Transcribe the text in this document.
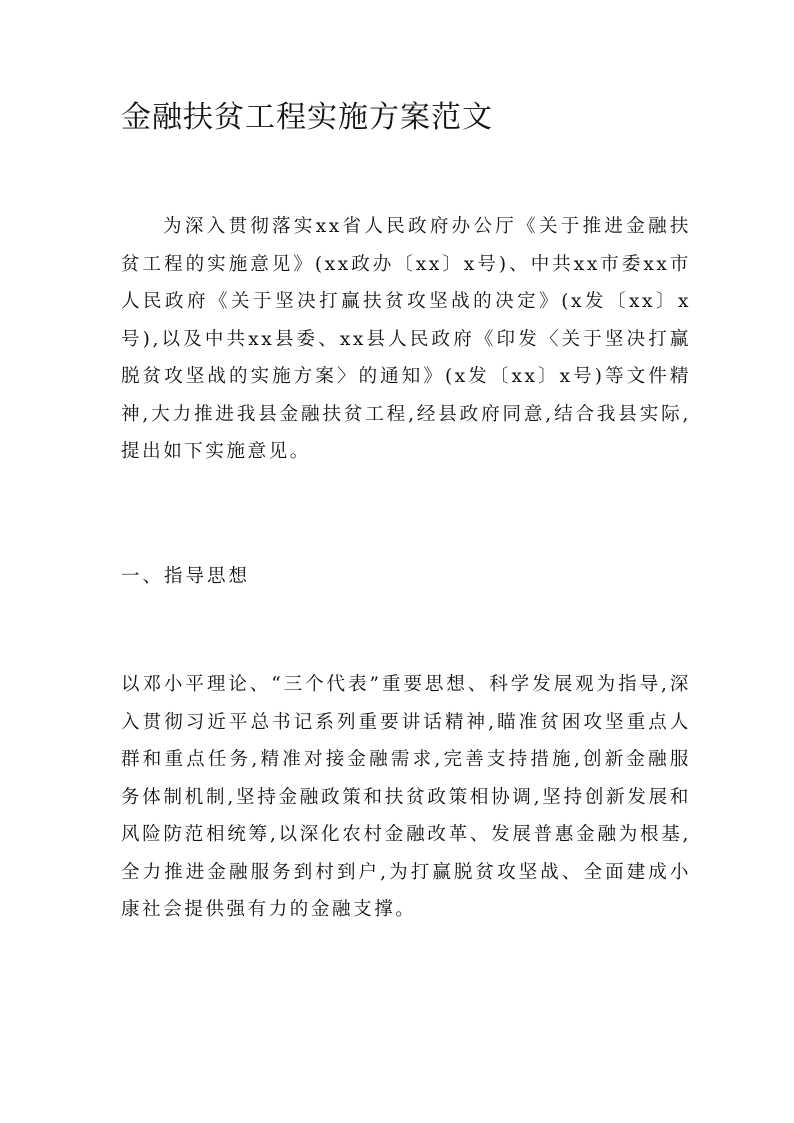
金融扶贫工程实施方案范文

为深入贯彻落实xx省人民政府办公厅《关于推进金融扶贫工程的实施意见》(xx政办〔xx〕x号)、中共xx市委xx市人民政府《关于坚决打赢扶贫攻坚战的决定》(x发〔xx〕x号),以及中共xx县委、xx县人民政府《印发〈关于坚决打赢脱贫攻坚战的实施方案〉的通知》(x发〔xx〕x号)等文件精神,大力推进我县金融扶贫工程,经县政府同意,结合我县实际,提出如下实施意见。

一、指导思想

以邓小平理论、“三个代表”重要思想、科学发展观为指导,深入贯彻习近平总书记系列重要讲话精神,瞄准贫困攻坚重点人群和重点任务,精准对接金融需求,完善支持措施,创新金融服务体制机制,坚持金融政策和扶贫政策相协调,坚持创新发展和风险防范相统筹,以深化农村金融改革、发展普惠金融为根基,全力推进金融服务到村到户,为打赢脱贫攻坚战、全面建成小康社会提供强有力的金融支撑。
